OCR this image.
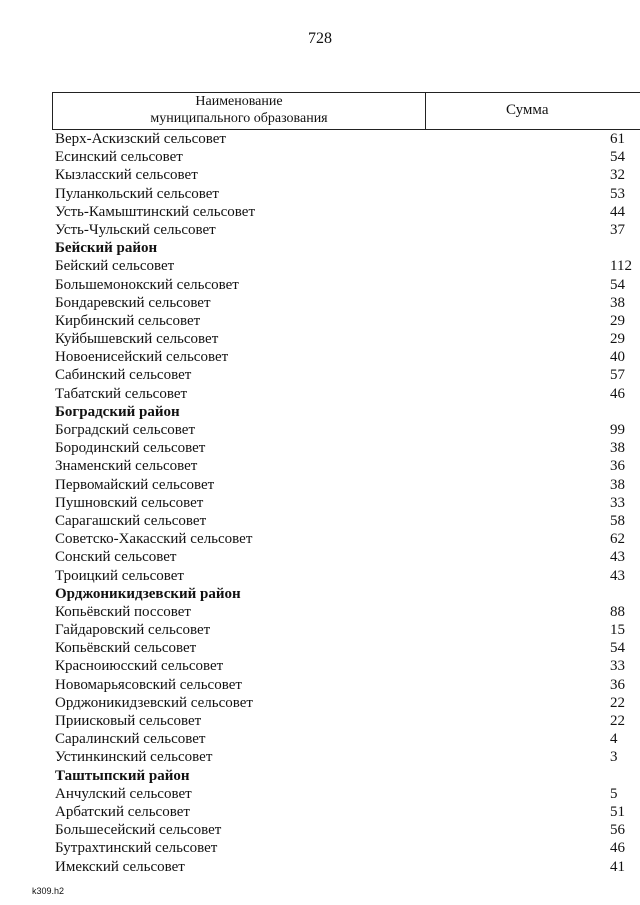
728
Наименование
муниципального образования
Сумма
Верх-Аскизский сельсовет	61
Есинский сельсовет	54
Кызласский сельсовет	32
Пуланкольский сельсовет	53
Усть-Камыштинский сельсовет	44
Усть-Чульский сельсовет	37
Бейский район
Бейский сельсовет	112
Большемонокский сельсовет	54
Бондаревский сельсовет	38
Кирбинский сельсовет	29
Куйбышевский сельсовет	29
Новоенисейский сельсовет	40
Сабинский сельсовет	57
Табатский сельсовет	46
Боградский район
Боградский сельсовет	99
Бородинский сельсовет	38
Знаменский сельсовет	36
Первомайский сельсовет	38
Пушновский сельсовет	33
Сарагашский сельсовет	58
Советско-Хакасский сельсовет	62
Сонский сельсовет	43
Троицкий сельсовет	43
Орджоникидзевский район
Копьёвский поссовет	88
Гайдаровский сельсовет	15
Копьёвский сельсовет	54
Красноиюсский сельсовет	33
Новомарьясовский сельсовет	36
Орджоникидзевский сельсовет	22
Приисковый сельсовет	22
Саралинский сельсовет	4
Устинкинский сельсовет	3
Таштыпский район
Анчулский сельсовет	5
Арбатский сельсовет	51
Большесейский сельсовет	56
Бутрахтинский сельсовет	46
Имекский сельсовет	41
k309.h2
